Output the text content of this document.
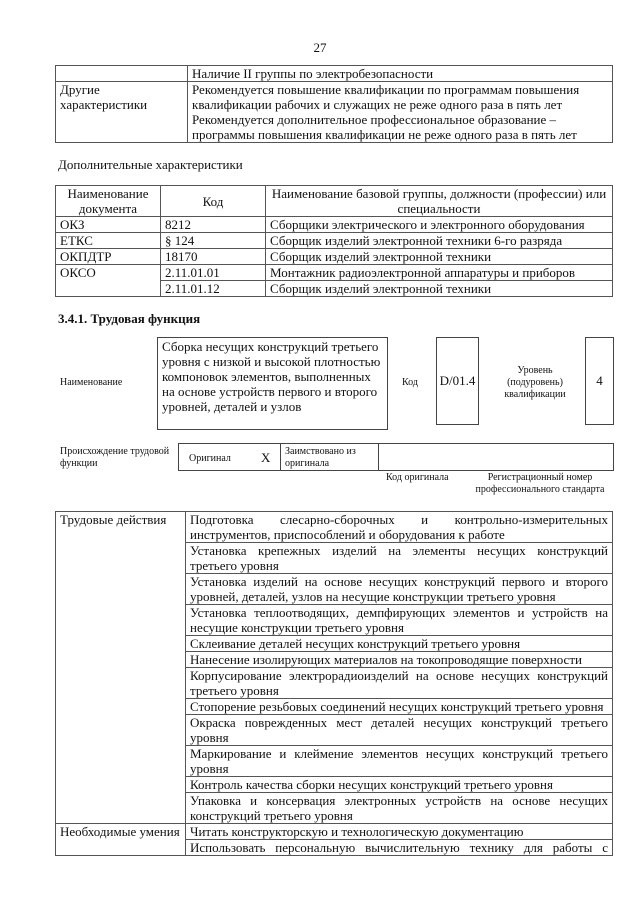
27
	Наличие II группы по электробезопасности
Другие характеристики	Рекомендуется повышение квалификации по программам повышения квалификации рабочих и служащих не реже одного раза в пять лет
Рекомендуется дополнительное профессиональное образование – программы повышения квалификации не реже одного раза в пять лет
Дополнительные характеристики
Наименование документа	Код	Наименование базовой группы, должности (профессии) или специальности
ОКЗ	8212	Сборщики электрического и электронного оборудования
ЕТКС	§ 124	Сборщик изделий электронной техники 6-го разряда
ОКПДТР	18170	Сборщик изделий электронной техники
ОКСО	2.11.01.01	Монтажник радиоэлектронной аппаратуры и приборов
	2.11.01.12	Сборщик изделий электронной техники
3.4.1. Трудовая функция
Наименование
Сборка несущих конструкций третьего уровня с низкой и высокой плотностью компоновок элементов, выполненных на основе устройств первого и второго уровней, деталей и узлов
Код D/01.4
Уровень (подуровень) квалификации
4
Происхождение трудовой функции	Оригинал X Заимствовано из оригинала
Код оригинала	Регистрационный номер профессионального стандарта
Трудовые действия	Подготовка слесарно-сборочных и контрольно-измерительных инструментов, приспособлений и оборудования к работе
	Установка крепежных изделий на элементы несущих конструкций третьего уровня
	Установка изделий на основе несущих конструкций первого и второго уровней, деталей, узлов на несущие конструкции третьего уровня
	Установка теплоотводящих, демпфирующих элементов и устройств на несущие конструкции третьего уровня
	Склеивание деталей несущих конструкций третьего уровня
	Нанесение изолирующих материалов на токопроводящие поверхности
	Корпусирование электрорадиоизделий на основе несущих конструкций третьего уровня
	Стопорение резьбовых соединений несущих конструкций третьего уровня
	Окраска поврежденных мест деталей несущих конструкций третьего уровня
	Маркирование и клеймение элементов несущих конструкций третьего уровня
	Контроль качества сборки несущих конструкций третьего уровня
	Упаковка и консервация электронных устройств на основе несущих конструкций третьего уровня
Необходимые умения	Читать конструкторскую и технологическую документацию
	Использовать персональную вычислительную технику для работы с
